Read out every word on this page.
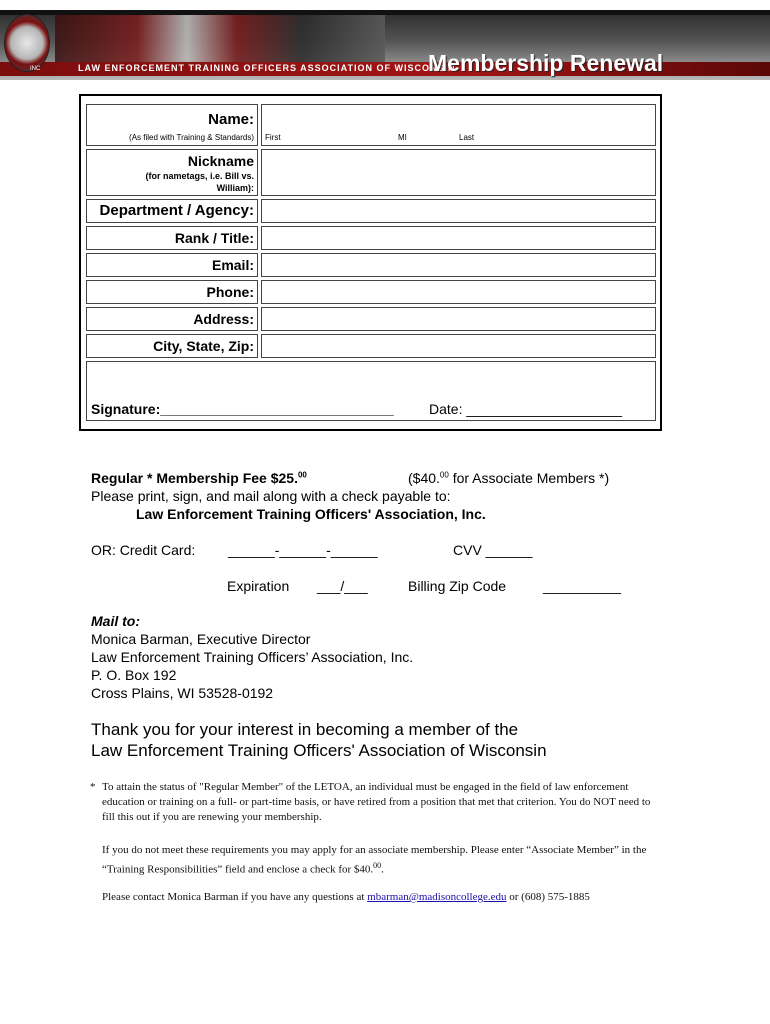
LAW ENFORCEMENT TRAINING OFFICERS ASSOCIATION OF WISCONSIN
Membership Renewal
INC
Name:
(As filed with Training & Standards) First	MI	Last
Nickname
(for nametags, i.e. Bill vs. William):
Department / Agency:
Rank / Title:
Email:
Phone:
Address:
City, State, Zip:
Signature:______________________________	Date: ____________________
Regular * Membership Fee $25.00	($40.00 for Associate Members *)
Please print, sign, and mail along with a check payable to:
Law Enforcement Training Officers' Association, Inc.
OR: Credit Card: ______-______-______	CVV ______
Expiration ___/___	Billing Zip Code	__________
Mail to:
Monica Barman, Executive Director
Law Enforcement Training Officers’ Association, Inc.
P. O. Box 192
Cross Plains, WI 53528-0192
Thank you for your interest in becoming a member of the
Law Enforcement Training Officers' Association of Wisconsin
* To attain the status of "Regular Member" of the LETOA, an individual must be engaged in the field of law enforcement education or training on a full- or part-time basis, or have retired from a position that met that criterion. You do NOT need to fill this out if you are renewing your membership.
If you do not meet these requirements you may apply for an associate membership. Please enter “Associate Member” in the “Training Responsibilities” field and enclose a check for $40.00.
Please contact Monica Barman if you have any questions at mbarman@madisoncollege.edu or (608) 575-1885
